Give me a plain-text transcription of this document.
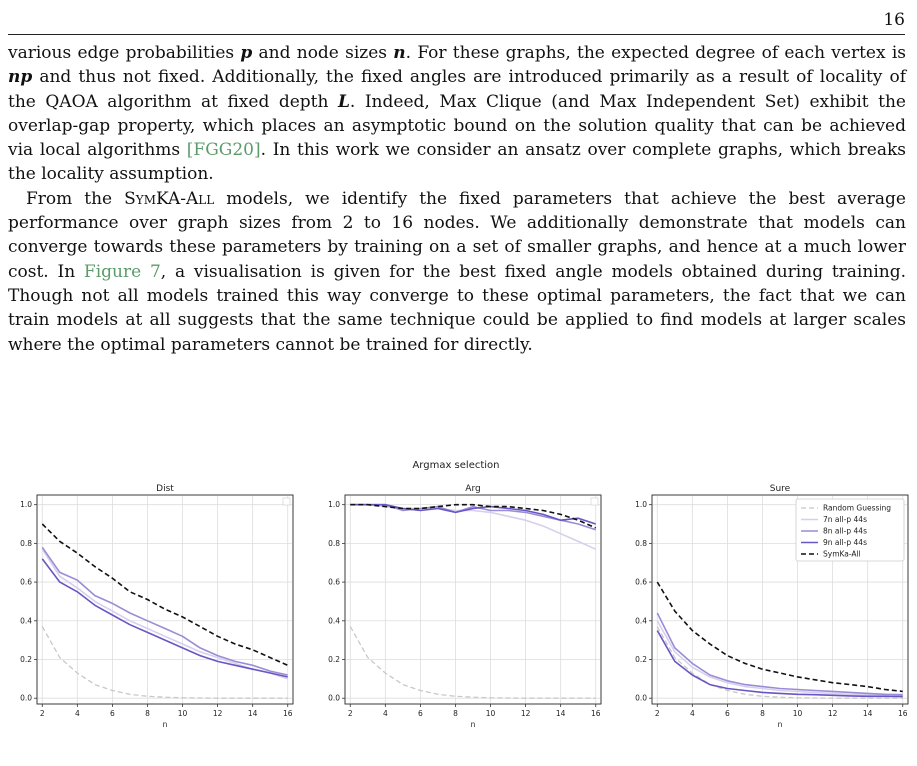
16

various edge probabilities p and node sizes n. For these graphs, the expected degree of each vertex is np and thus not fixed. Additionally, the fixed angles are introduced primarily as a result of locality of the QAOA algorithm at fixed depth L. Indeed, Max Clique (and Max Independent Set) exhibit the overlap-gap property, which places an asymptotic bound on the solution quality that can be achieved via local algorithms [FGG20]. In this work we consider an ansatz over complete graphs, which breaks the locality assumption.

From the SymKA-All models, we identify the fixed parameters that achieve the best average performance over graph sizes from 2 to 16 nodes. We additionally demonstrate that models can converge towards these parameters by training on a set of smaller graphs, and hence at a much lower cost. In Figure 7, a visualisation is given for the best fixed angle models obtained during training. Though not all models trained this way converge to these optimal parameters, the fact that we can train models at all suggests that the same technique could be applied to find models at larger scales where the optimal parameters cannot be trained for directly.

Argmax selection
2	4	6	8	10	12	14	16
0.0
0.2
0.4
0.6
0.8
1.0
Dist
n
2	4	6	8	10	12	14	16
0.0
0.2
0.4
0.6
0.8
1.0
Arg
n
2	4	6	8	10	12	14	16
0.0
0.2
0.4
0.6
0.8
1.0
Sure
n
Random Guessing
7n all-p 44s
8n all-p 44s
9n all-p 44s
SymKa-All
